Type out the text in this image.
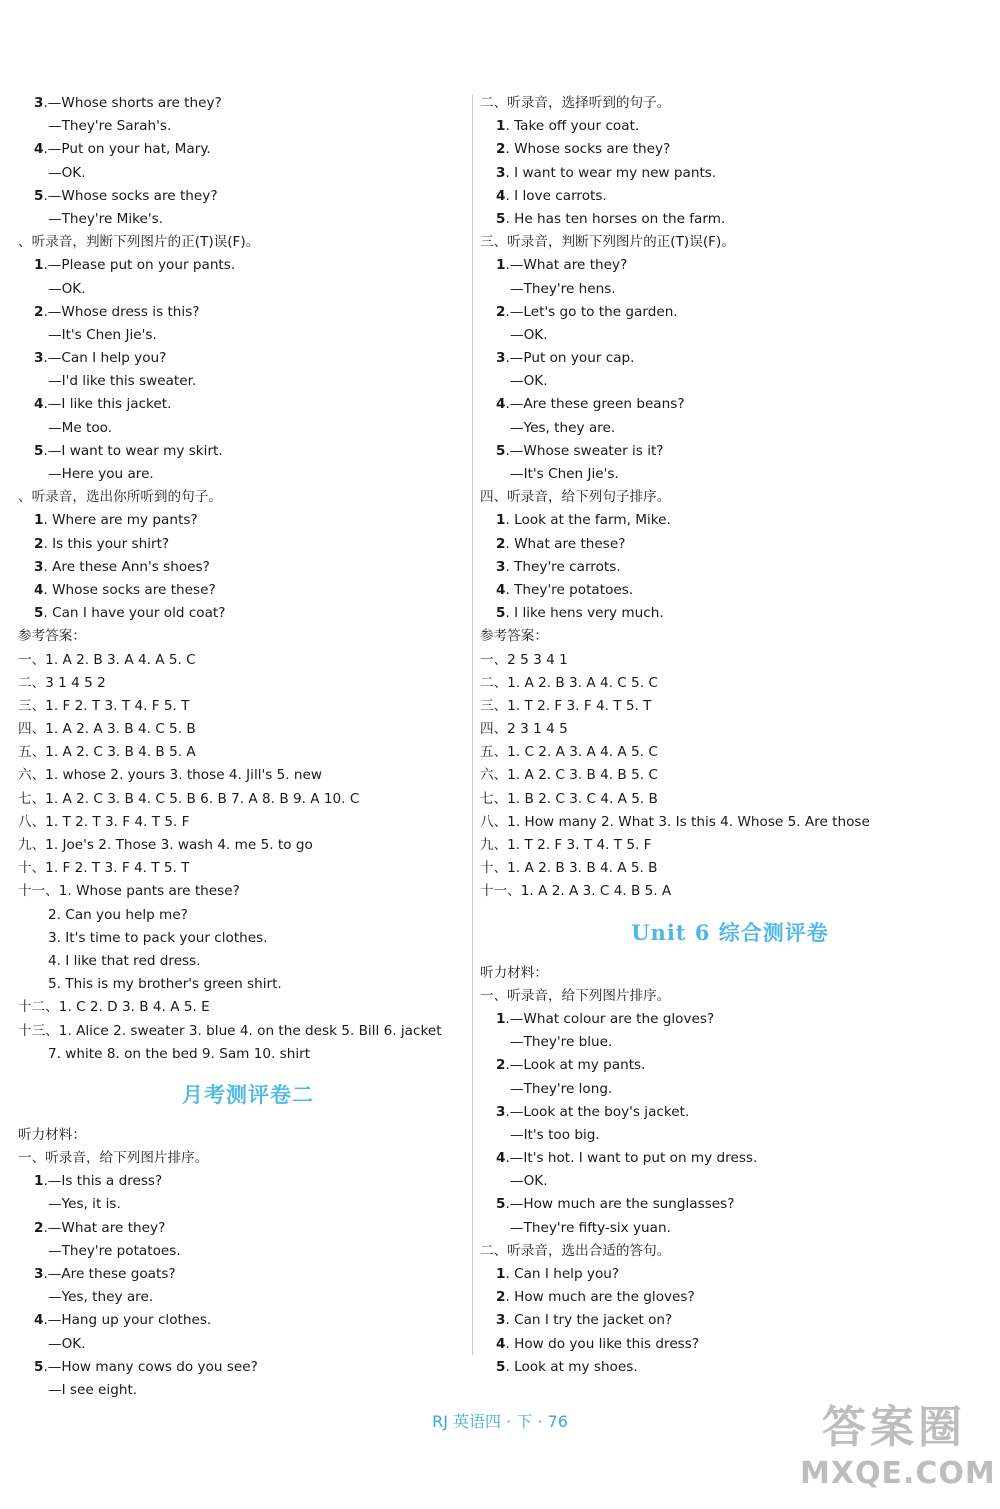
3.—Whose shorts are they?
—They're Sarah's.
4.—Put on your hat, Mary.
—OK.
5.—Whose socks are they?
—They're Mike's.
、听录音，判断下列图片的正(T)误(F)。
1.—Please put on your pants.
—OK.
2.—Whose dress is this?
—It's Chen Jie's.
3.—Can I help you?
—I'd like this sweater.
4.—I like this jacket.
—Me too.
5.—I want to wear my skirt.
—Here you are.
、听录音，选出你所听到的句子。
1. Where are my pants?
2. Is this your shirt?
3. Are these Ann's shoes?
4. Whose socks are these?
5. Can I have your old coat?
参考答案：
一、1. A 2. B 3. A 4. A 5. C
二、3 1 4 5 2
三、1. F 2. T 3. T 4. F 5. T
四、1. A 2. A 3. B 4. C 5. B
五、1. A 2. C 3. B 4. B 5. A
六、1. whose 2. yours 3. those 4. Jill's 5. new
七、1. A 2. C 3. B 4. C 5. B 6. B 7. A 8. B 9. A 10. C
八、1. T 2. T 3. F 4. T 5. F
九、1. Joe's 2. Those 3. wash 4. me 5. to go
十、1. F 2. T 3. F 4. T 5. T
十一、1. Whose pants are these?
2. Can you help me?
3. It's time to pack your clothes.
4. I like that red dress.
5. This is my brother's green shirt.
十二、1. C 2. D 3. B 4. A 5. E
十三、1. Alice 2. sweater 3. blue 4. on the desk 5. Bill 6. jacket
7. white 8. on the bed 9. Sam 10. shirt
月考测评卷二
听力材料：
一、听录音，给下列图片排序。
1.—Is this a dress?
—Yes, it is.
2.—What are they?
—They're potatoes.
3.—Are these goats?
—Yes, they are.
4.—Hang up your clothes.
—OK.
5.—How many cows do you see?
—I see eight.
二、听录音，选择听到的句子。
1. Take off your coat.
2. Whose socks are they?
3. I want to wear my new pants.
4. I love carrots.
5. He has ten horses on the farm.
三、听录音，判断下列图片的正(T)误(F)。
1.—What are they?
—They're hens.
2.—Let's go to the garden.
—OK.
3.—Put on your cap.
—OK.
4.—Are these green beans?
—Yes, they are.
5.—Whose sweater is it?
—It's Chen Jie's.
四、听录音，给下列句子排序。
1. Look at the farm, Mike.
2. What are these?
3. They're carrots.
4. They're potatoes.
5. I like hens very much.
参考答案：
一、2 5 3 4 1
二、1. A 2. B 3. A 4. C 5. C
三、1. T 2. F 3. F 4. T 5. T
四、2 3 1 4 5
五、1. C 2. A 3. A 4. A 5. C
六、1. A 2. C 3. B 4. B 5. C
七、1. B 2. C 3. C 4. A 5. B
八、1. How many 2. What 3. Is this 4. Whose 5. Are those
九、1. T 2. F 3. T 4. T 5. F
十、1. A 2. B 3. B 4. A 5. B
十一、1. A 2. A 3. C 4. B 5. A
Unit 6 综合测评卷
听力材料：
一、听录音，给下列图片排序。
1.—What colour are the gloves?
—They're blue.
2.—Look at my pants.
—They're long.
3.—Look at the boy's jacket.
—It's too big.
4.—It's hot. I want to put on my dress.
—OK.
5.—How much are the sunglasses?
—They're fifty-six yuan.
二、听录音，选出合适的答句。
1. Can I help you?
2. How much are the gloves?
3. Can I try the jacket on?
4. How do you like this dress?
5. Look at my shoes.
RJ 英语四 · 下 · 76	答案圈
MXQE.COM
